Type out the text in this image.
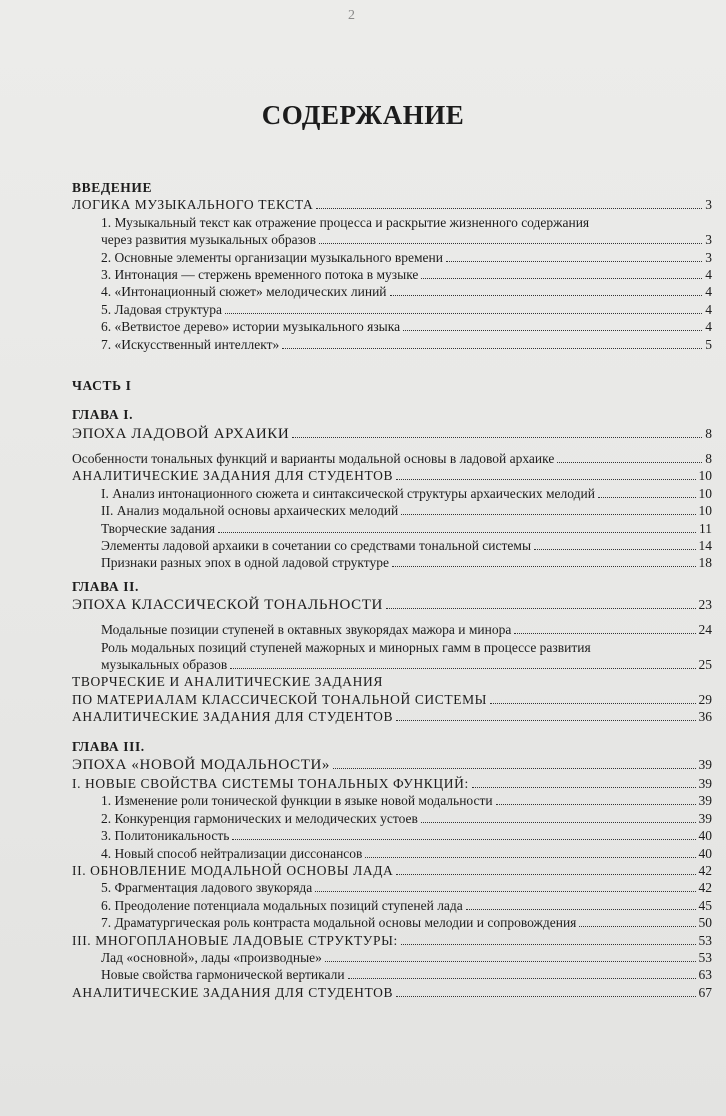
2
СОДЕРЖАНИЕ
ВВЕДЕНИЕ
ЛОГИКА МУЗЫКАЛЬНОГО ТЕКСТА	3
1. Музыкальный текст как отражение процесса и раскрытие жизненного содержания
через развития музыкальных образов	3
2. Основные элементы организации музыкального времени	3
3. Интонация — стержень временного потока в музыке	4
4. «Интонационный сюжет» мелодических линий	4
5. Ладовая структура	4
6. «Ветвистое дерево» истории музыкального языка	4
7. «Искусственный интеллект»	5
ЧАСТЬ I
ГЛАВА I.
ЭПОХА ЛАДОВОЙ АРХАИКИ	8
Особенности тональных функций и варианты модальной основы в ладовой архаике	8
АНАЛИТИЧЕСКИЕ ЗАДАНИЯ ДЛЯ СТУДЕНТОВ	10
I. Анализ интонационного сюжета и синтаксической структуры архаических мелодий	10
II. Анализ модальной основы архаических мелодий	10
Творческие задания	11
Элементы ладовой архаики в сочетании со средствами тональной системы	14
Признаки разных эпох в одной ладовой структуре	18
ГЛАВА II.
ЭПОХА КЛАССИЧЕСКОЙ ТОНАЛЬНОСТИ	23
Модальные позиции ступеней в октавных звукорядах мажора и минора	24
Роль модальных позиций ступеней мажорных и минорных гамм в процессе развития
музыкальных образов	25
ТВОРЧЕСКИЕ И АНАЛИТИЧЕСКИЕ ЗАДАНИЯ
ПО МАТЕРИАЛАМ КЛАССИЧЕСКОЙ ТОНАЛЬНОЙ СИСТЕМЫ	29
АНАЛИТИЧЕСКИЕ ЗАДАНИЯ ДЛЯ СТУДЕНТОВ	36
ГЛАВА III.
ЭПОХА «НОВОЙ МОДАЛЬНОСТИ»	39
I. НОВЫЕ СВОЙСТВА СИСТЕМЫ ТОНАЛЬНЫХ ФУНКЦИЙ:	39
1. Изменение роли тонической функции в языке новой модальности	39
2. Конкуренция гармонических и мелодических устоев	39
3. Политоникальность	40
4. Новый способ нейтрализации диссонансов	40
II. ОБНОВЛЕНИЕ МОДАЛЬНОЙ ОСНОВЫ ЛАДА	42
5. Фрагментация ладового звукоряда	42
6. Преодоление потенциала модальных позиций ступеней лада	45
7. Драматургическая роль контраста модальной основы мелодии и сопровождения	50
III. МНОГОПЛАНОВЫЕ ЛАДОВЫЕ СТРУКТУРЫ:	53
Лад «основной», лады «производные»	53
Новые свойства гармонической вертикали	63
АНАЛИТИЧЕСКИЕ ЗАДАНИЯ ДЛЯ СТУДЕНТОВ	67
